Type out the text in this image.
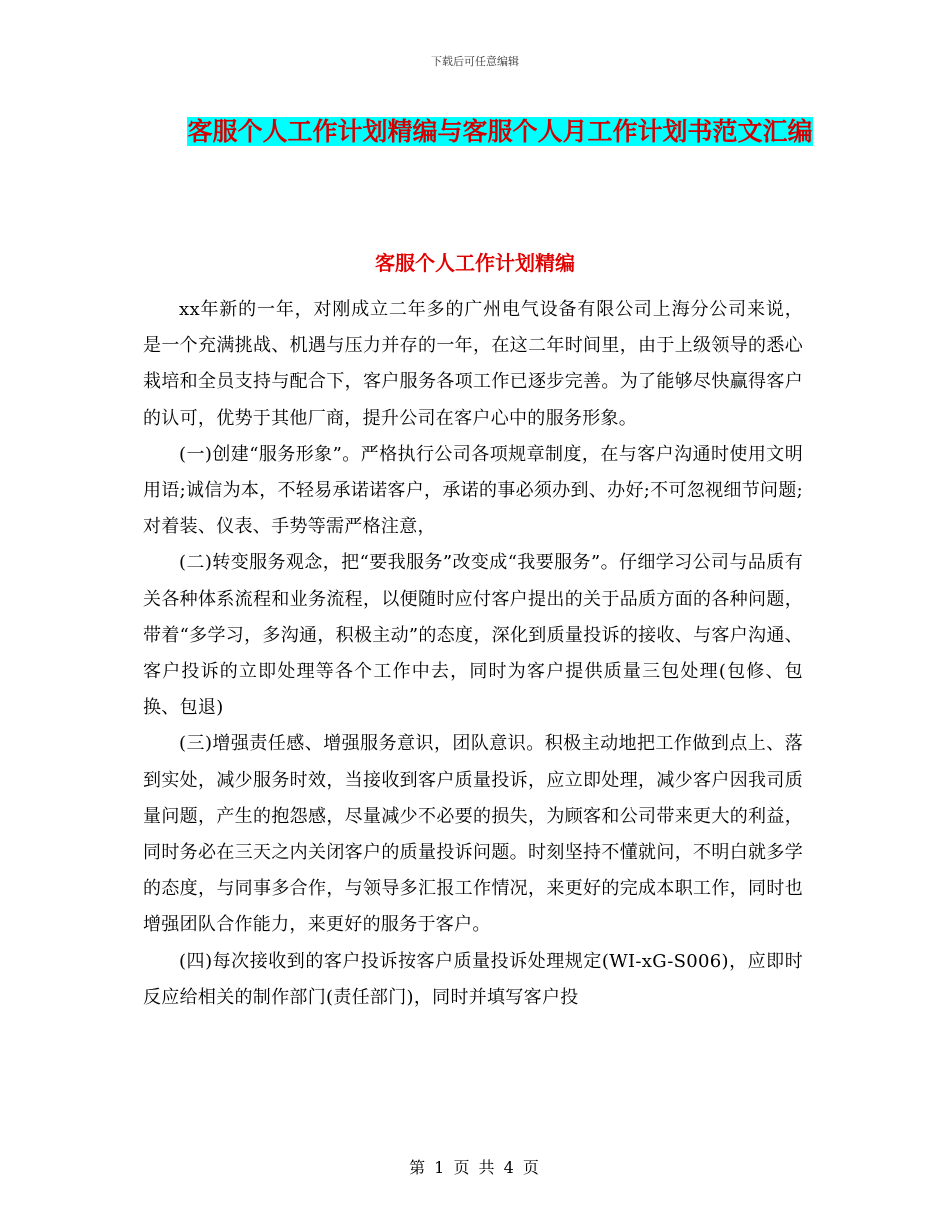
下载后可任意编辑
客服个人工作计划精编与客服个人月工作计划书范文汇编
客服个人工作计划精编

xx年新的一年，对刚成立二年多的广州电气设备有限公司上海分公司来说，是一个充满挑战、机遇与压力并存的一年，在这二年时间里，由于上级领导的悉心栽培和全员支持与配合下，客户服务各项工作已逐步完善。为了能够尽快赢得客户的认可，优势于其他厂商，提升公司在客户心中的服务形象。

(一)创建“服务形象”。严格执行公司各项规章制度，在与客户沟通时使用文明用语;诚信为本，不轻易承诺诺客户，承诺的事必须办到、办好;不可忽视细节问题;对着装、仪表、手势等需严格注意，

(二)转变服务观念，把“要我服务”改变成“我要服务”。仔细学习公司与品质有关各种体系流程和业务流程，以便随时应付客户提出的关于品质方面的各种问题，带着“多学习，多沟通，积极主动”的态度，深化到质量投诉的接收、与客户沟通、客户投诉的立即处理等各个工作中去，同时为客户提供质量三包处理(包修、包换、包退)

(三)增强责任感、增强服务意识，团队意识。积极主动地把工作做到点上、落到实处，减少服务时效，当接收到客户质量投诉，应立即处理，减少客户因我司质量问题，产生的抱怨感，尽量减少不必要的损失，为顾客和公司带来更大的利益，同时务必在三天之内关闭客户的质量投诉问题。时刻坚持不懂就问，不明白就多学的态度，与同事多合作，与领导多汇报工作情况，来更好的完成本职工作，同时也增强团队合作能力，来更好的服务于客户。

(四)每次接收到的客户投诉按客户质量投诉处理规定(WI-xG-S006)，应即时反应给相关的制作部门(责任部门)，同时并填写客户投

第 1 页 共 4 页
